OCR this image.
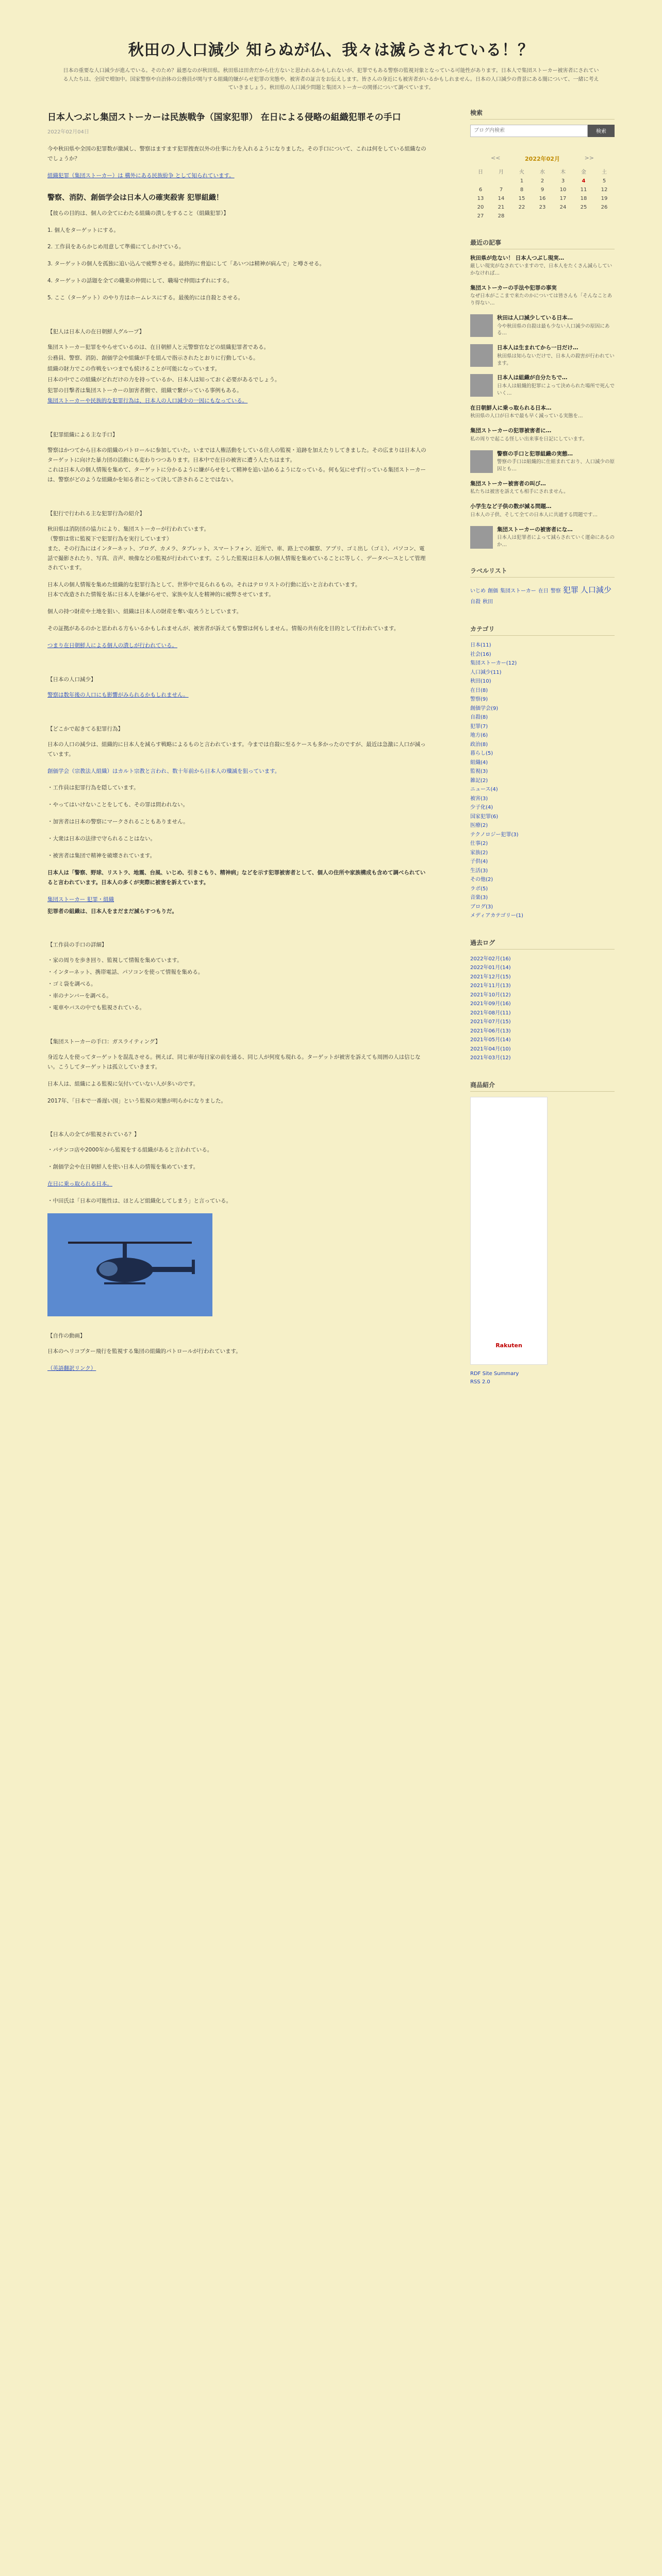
秋田の人口減少 知らぬが仏、我々は滅らされている！？
日本の重要な人口減少が進んでいる。そのため？最悪なのが秋田県。秋田県は田舎だから仕方ないと思われるかもしれないが、犯罪でもある警察の監視対象となっている可能性があります。日本人で集団ストーカー被害者にされている人たちは、全国で増加中。国家警察や自治体の公務員が関与する組織的嫌がらせ犯罪の実態や、被害者の証言をお伝えします。皆さんの身近にも被害者がいるかもしれません。日本の人口減少の背景にある闇について、一緒に考えていきましょう。秋田県の人口減少問題と集団ストーカーの関係について調べています。
日本人つぶし集団ストーカーは民族戦争（国家犯罪） 在日による侵略の組織犯罪その手口
2022年02月04日

今や秋田県や全国の犯罪数が激減し、警察はますます犯罪捜査以外の仕事に力を入れるようになりました。その手口について、これは何をしている組織なのでしょうか？

組織犯罪（集団ストーカー）は 構外にある民族紛争 として知られています。

警察、消防、創価学会は日本人の確実殺害 犯罪組織！

【彼らの目的は、個人の全てにわたる組織の潰しをすること（組織犯罪）】

1. 個人をターゲットにする。

2. 工作員をあらかじめ用意して準備にてしかけている。

3. ターゲットの個人を孤独に追い込んで疲弊させる。最終的に脅迫にして「あいつは精神が病んで」と噂させる。

4. ターゲットの話題を全ての職業の仲間にして、職場で仲間はずれにする。

5. ここ（ターゲット）のやり方はホームレスにする。最後的には自殺とさせる。

【犯人は日本人の在日朝鮮人グループ】

集団ストーカー犯罪をやらせているのは、在日朝鮮人と元警察官などの組織犯罪者である。

公務員、警察、消防、創価学会や組織が手を組んで指示されたとおりに行動している。

組織の財力でこの作戦をいつまでも続けることが可能になっています。

日本の中でこの組織がどれだけの力を持っているか、日本人は知っておく必要があるでしょう。

犯罪の目撃者は集団ストーカーの加害者側で、組織で繋がっている事例もある。

集団ストーカーや民族的な犯罪行為は、日本人の人口減少の一因にもなっている。

【犯罪組織による主な手口】

警察はかつてから日本の組織のパトロールに参加していた。いまでは人権活動をしている住人の監視・追跡を加えたりしてきました。その広まりは日本人のターゲットに向けた暴力団の活動にも変わりつつあります。日本中で在日の被害に遭う人たちはます。
これは日本人の個人情報を集めて、ターゲットに分かるように嫌がらせをして精神を追い詰めるようになっている。何も気にせず行っている集団ストーカーは、警察がどのような組織かを知る者にとって決して許されることではない。

【犯行で行われる主な犯罪行為の紹介】

秋田県は消防団の協力により、集団ストーカーが行われています。
（警察は常に監視下で犯罪行為を実行しています）
また、その行為にはインターネット、ブログ、カメラ、タブレット、スマートフォン、近所で、車、路上での観察、アプリ、ゴミ出し（ゴミ）、パソコン、電話で撮影されたり、写真、音声、映像などの監視が行われています。こうした監視は日本人の個人情報を集めていることに等しく、データベースとして管理されています。

日本人の個人情報を集めた組織的な犯罪行為として、世界中で見られるもの。それはテロリストの行動に近いと言われています。
日本で改造された情報を基に日本人を嫌がらせで、家族や友人を精神的に疲弊させています。

個人の持つ財産や土地を狙い、組織は日本人の財産を奪い取ろうとしています。

その証拠があるのかと思われる方もいるかもしれませんが、被害者が訴えても警察は何もしません。情報の共有化を目的として行われています。

つまり在日朝鮮人による個人の潰しが行われている。

【日本の人口減少】

警察は数年後の人口にも影響がみられるかもしれません。

【どこかで起きてる犯罪行為】

日本の人口の減少は、組織的に日本人を減らす戦略によるものと言われています。今までは自殺に至るケースも多かったのですが、最近は急激に人口が減っています。

創価学会（宗教法人組織）はカルト宗教と言われ、数十年前から日本人の殲滅を狙っています。

・工作員は犯罪行為を隠しています。

・やってはいけないことをしても、その罪は問われない。

・加害者は日本の警察にマークされることもありません。

・大衆は日本の法律で守られることはない。

・被害者は集団で精神を破壊されています。

日本人は「警察、野球、リストラ、地震、台風、いじめ、引きこもり、精神病」などを示す犯罪被害者として、個人の住所や家族構成も含めて調べられていると言われています。日本人の多くが実際に被害を訴えています。

集団ストーカー 犯罪・組織

犯罪者の組織は、日本人をまだまだ減らすつもりだ。

【工作員の手口の詳細】

・家の周りを歩き回り、監視して情報を集めています。

・インターネット、携帯電話、パソコンを使って情報を集める。

・ゴミ袋を調べる。

・車のナンバーを調べる。

・電車やバスの中でも監視されている。

【集団ストーカーの手口：ガスライティング】

身近な人を使ってターゲットを混乱させる。例えば、同じ車が毎日家の前を通る、同じ人が何度も現れる。ターゲットが被害を訴えても周囲の人は信じない。こうしてターゲットは孤立していきます。

日本人は、組織による監視に気付いていない人が多いのです。

2017年、「日本で一番遅い国」という監視の実態が明らかになりました。

【日本人の全てが監視されている？】

・パチンコ店や2000年から監視をする組織があると言われている。

・創価学会や在日朝鮮人を使い日本人の情報を集めています。

在日に乗っ取られる日本。

・中田氏は「日本の可能性は、ほとんど組織化してしまう」と言っている。

【自作の動画】

日本のヘリコプター飛行を監視する集団の組織的パトロールが行われています。

（英語翻訳リンク）

検索
ブログ内検索
検索
<<	2022年02月	>>
日	月	火	水	木	金	土
		1	2	3	4	5
6	7	8	9	10	11	12
13	14	15	16	17	18	19
20	21	22	23	24	25	26
27	28					
最近の記事
秋田県が危ない！ 日本人つぶし現実…
厳しい現実がなされていますので、日本人をたくさん減らしていかなければ…
集団ストーカーの手法や犯罪の事実
なぜ日本がここまで来たのかについては皆さんも「そんなことあり得ない…
秋田は人口減少している日本…
今や秋田県の自殺は最も少ない人口減少の原因にある…
日本人は生まれてから一日だけ…
秋田県は知らないだけで、日本人の殺害が行われています。
日本人は組織が自分たちで…
日本人は組織的犯罪によって決められた場所で死んでいく…
在日朝鮮人に乗っ取られる日本…
秋田県の人口が日本で最も早く減っている実態を…
集団ストーカーの犯罪被害者に…
私の周りで起こる怪しい出来事を日記にしています。
警察の手口と犯罪組織の実態…
警察の手口は組織的に仕組まれており、人口減少の原因とも…
集団ストーカー被害者の叫び…
私たちは被害を訴えても相手にされません。
小学生など子供の数が減る問題…
日本人の子供、そして全ての日本人に共通する問題です…
集団ストーカーの被害者にな…
日本人は犯罪者によって減らされていく運命にあるのか…
ラベルリスト
いじめ 創価 集団ストーカー 在日 警察 犯罪 人口減少自殺 秋田
カテゴリ
日本(11)
社会(16)
集団ストーカー(12)
人口減少(11)
秋田(10)
在日(8)
警察(9)
創価学会(9)
自殺(8)
犯罪(7)
地方(6)
政治(8)
暮らし(5)
組織(4)
監視(3)
雑記(2)
ニュース(4)
被害(3)
少子化(4)
国家犯罪(6)
医療(2)
テクノロジー犯罪(3)
仕事(2)
家族(2)
子供(4)
生活(3)
その他(2)
ラボ(5)
音楽(3)
ブログ(3)
メディアカテゴリー(1)
過去ログ
2022年02月(16)
2022年01月(14)
2021年12月(15)
2021年11月(13)
2021年10月(12)
2021年09月(16)
2021年08月(11)
2021年07月(15)
2021年06月(13)
2021年05月(14)
2021年04月(10)
2021年03月(12)
商品紹介
Rakuten
RDF Site Summary
RSS 2.0
